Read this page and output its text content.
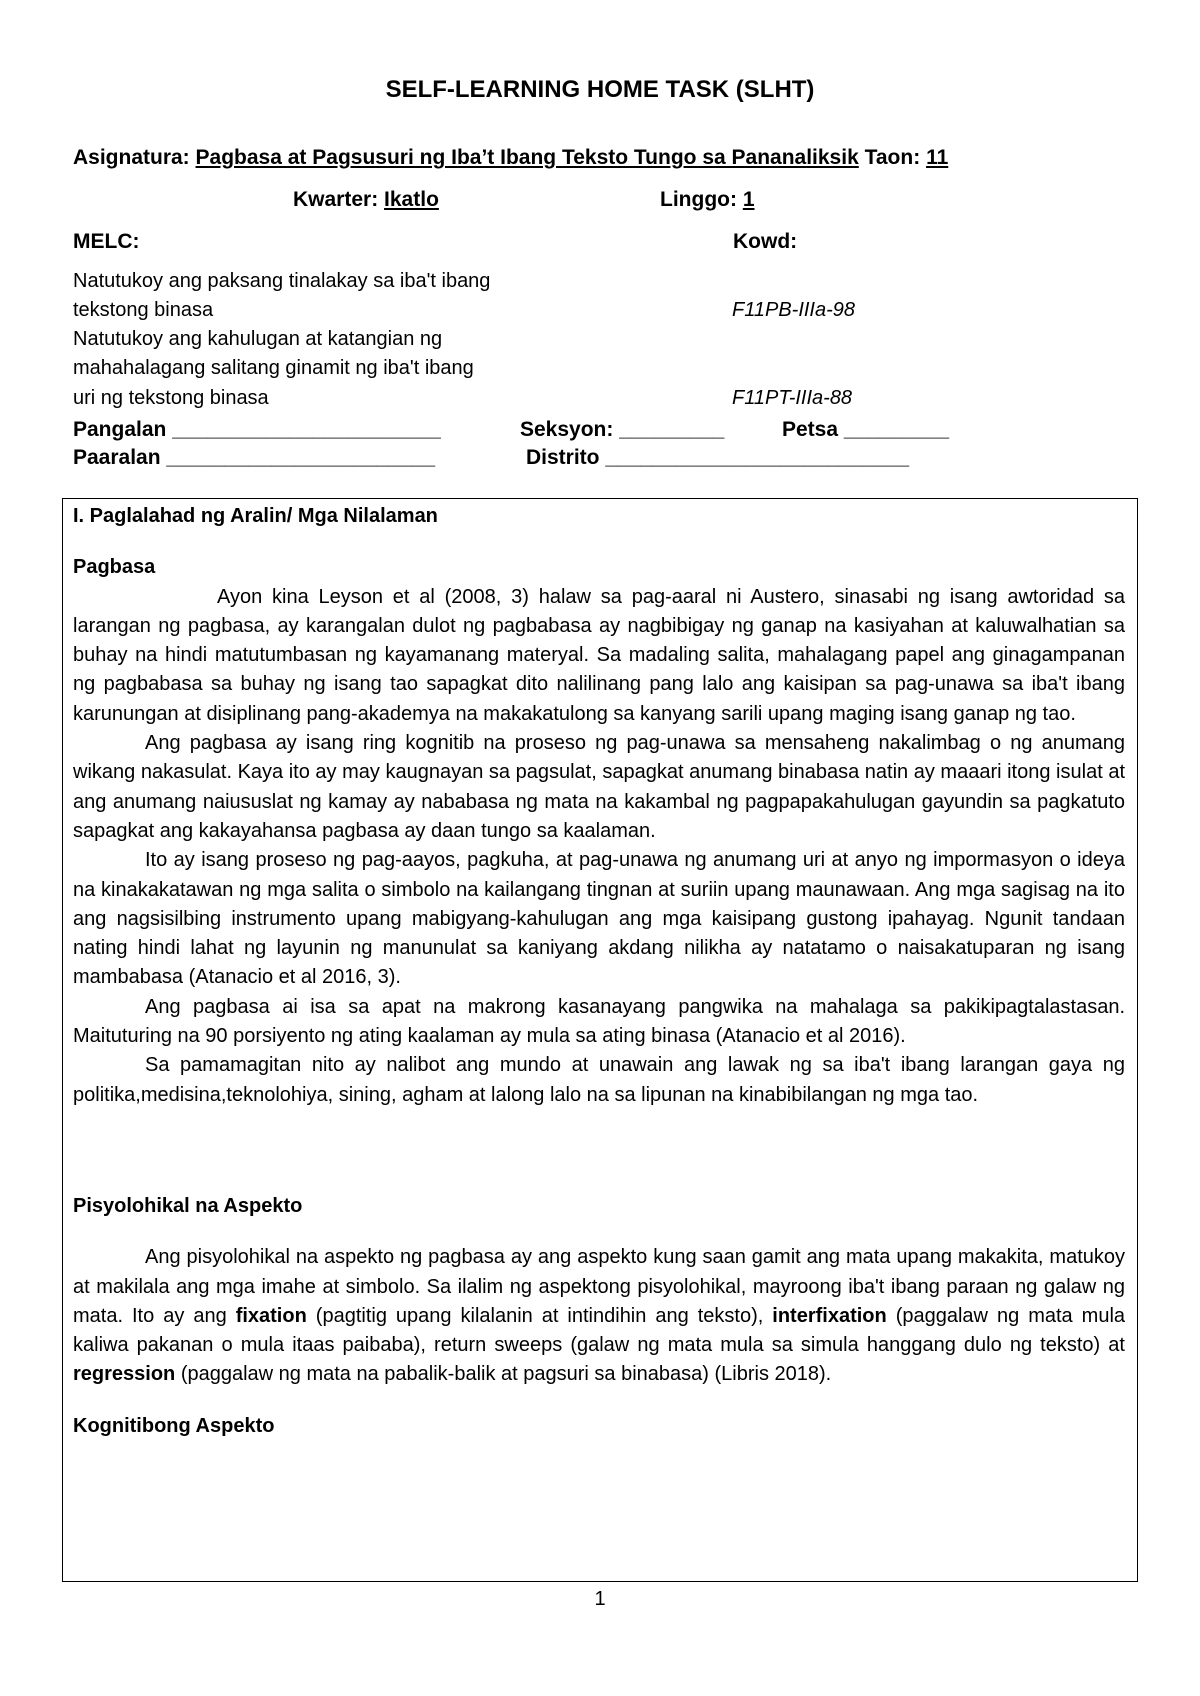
SELF-LEARNING HOME TASK (SLHT)
Asignatura: Pagbasa at Pagsusuri ng Iba’t Ibang Teksto Tungo sa Pananaliksik Taon: 11
Kwarter: Ikatlo	Linggo: 1
MELC:	Kowd:
Natutukoy ang paksang tinalakay sa iba't ibang
tekstong binasa	F11PB-IIIa-98
Natutukoy ang kahulugan at katangian ng
mahahalagang salitang ginamit ng iba't ibang
uri ng tekstong binasa	F11PT-IIIa-88
Pangalan _______________________	Seksyon: _________	Petsa _________
Paaralan _______________________	Distrito __________________________

I. Paglalahad ng Aralin/ Mga Nilalaman

Pagbasa

Ayon kina Leyson et al (2008, 3) halaw sa pag-aaral ni Austero, sinasabi ng isang awtoridad sa larangan ng pagbasa, ay karangalan dulot ng pagbabasa ay nagbibigay ng ganap na kasiyahan at kaluwalhatian sa buhay na hindi matutumbasan ng kayamanang materyal. Sa madaling salita, mahalagang papel ang ginagampanan ng pagbabasa sa buhay ng isang tao sapagkat dito nalilinang pang lalo ang kaisipan sa pag-unawa sa iba't ibang karunungan at disiplinang pang-akademya na makakatulong sa kanyang sarili upang maging isang ganap ng tao.

Ang pagbasa ay isang ring kognitib na proseso ng pag-unawa sa mensaheng nakalimbag o ng anumang wikang nakasulat. Kaya ito ay may kaugnayan sa pagsulat, sapagkat anumang binabasa natin ay maaari itong isulat at ang anumang naiususlat ng kamay ay nababasa ng mata na kakambal ng pagpapakahulugan gayundin sa pagkatuto sapagkat ang kakayahansa pagbasa ay daan tungo sa kaalaman.

Ito ay isang proseso ng pag-aayos, pagkuha, at pag-unawa ng anumang uri at anyo ng impormasyon o ideya na kinakakatawan ng mga salita o simbolo na kailangang tingnan at suriin upang maunawaan. Ang mga sagisag na ito ang nagsisilbing instrumento upang mabigyang-kahulugan ang mga kaisipang gustong ipahayag. Ngunit tandaan nating hindi lahat ng layunin ng manunulat sa kaniyang akdang nilikha ay natatamo o naisakatuparan ng isang mambabasa (Atanacio et al 2016, 3).

Ang pagbasa ai isa sa apat na makrong kasanayang pangwika na mahalaga sa pakikipagtalastasan. Maituturing na 90 porsiyento ng ating kaalaman ay mula sa ating binasa (Atanacio et al 2016).

Sa pamamagitan nito ay nalibot ang mundo at unawain ang lawak ng sa iba't ibang larangan gaya ng politika,medisina,teknolohiya, sining, agham at lalong lalo na sa lipunan na kinabibilangan ng mga tao.

Pisyolohikal na Aspekto

Ang pisyolohikal na aspekto ng pagbasa ay ang aspekto kung saan gamit ang mata upang makakita, matukoy at makilala ang mga imahe at simbolo. Sa ilalim ng aspektong pisyolohikal, mayroong iba't ibang paraan ng galaw ng mata. Ito ay ang fixation (pagtitig upang kilalanin at intindihin ang teksto), interfixation (paggalaw ng mata mula kaliwa pakanan o mula itaas paibaba), return sweeps (galaw ng mata mula sa simula hanggang dulo ng teksto) at regression (paggalaw ng mata na pabalik-balik at pagsuri sa binabasa) (Libris 2018).

Kognitibong Aspekto

1
